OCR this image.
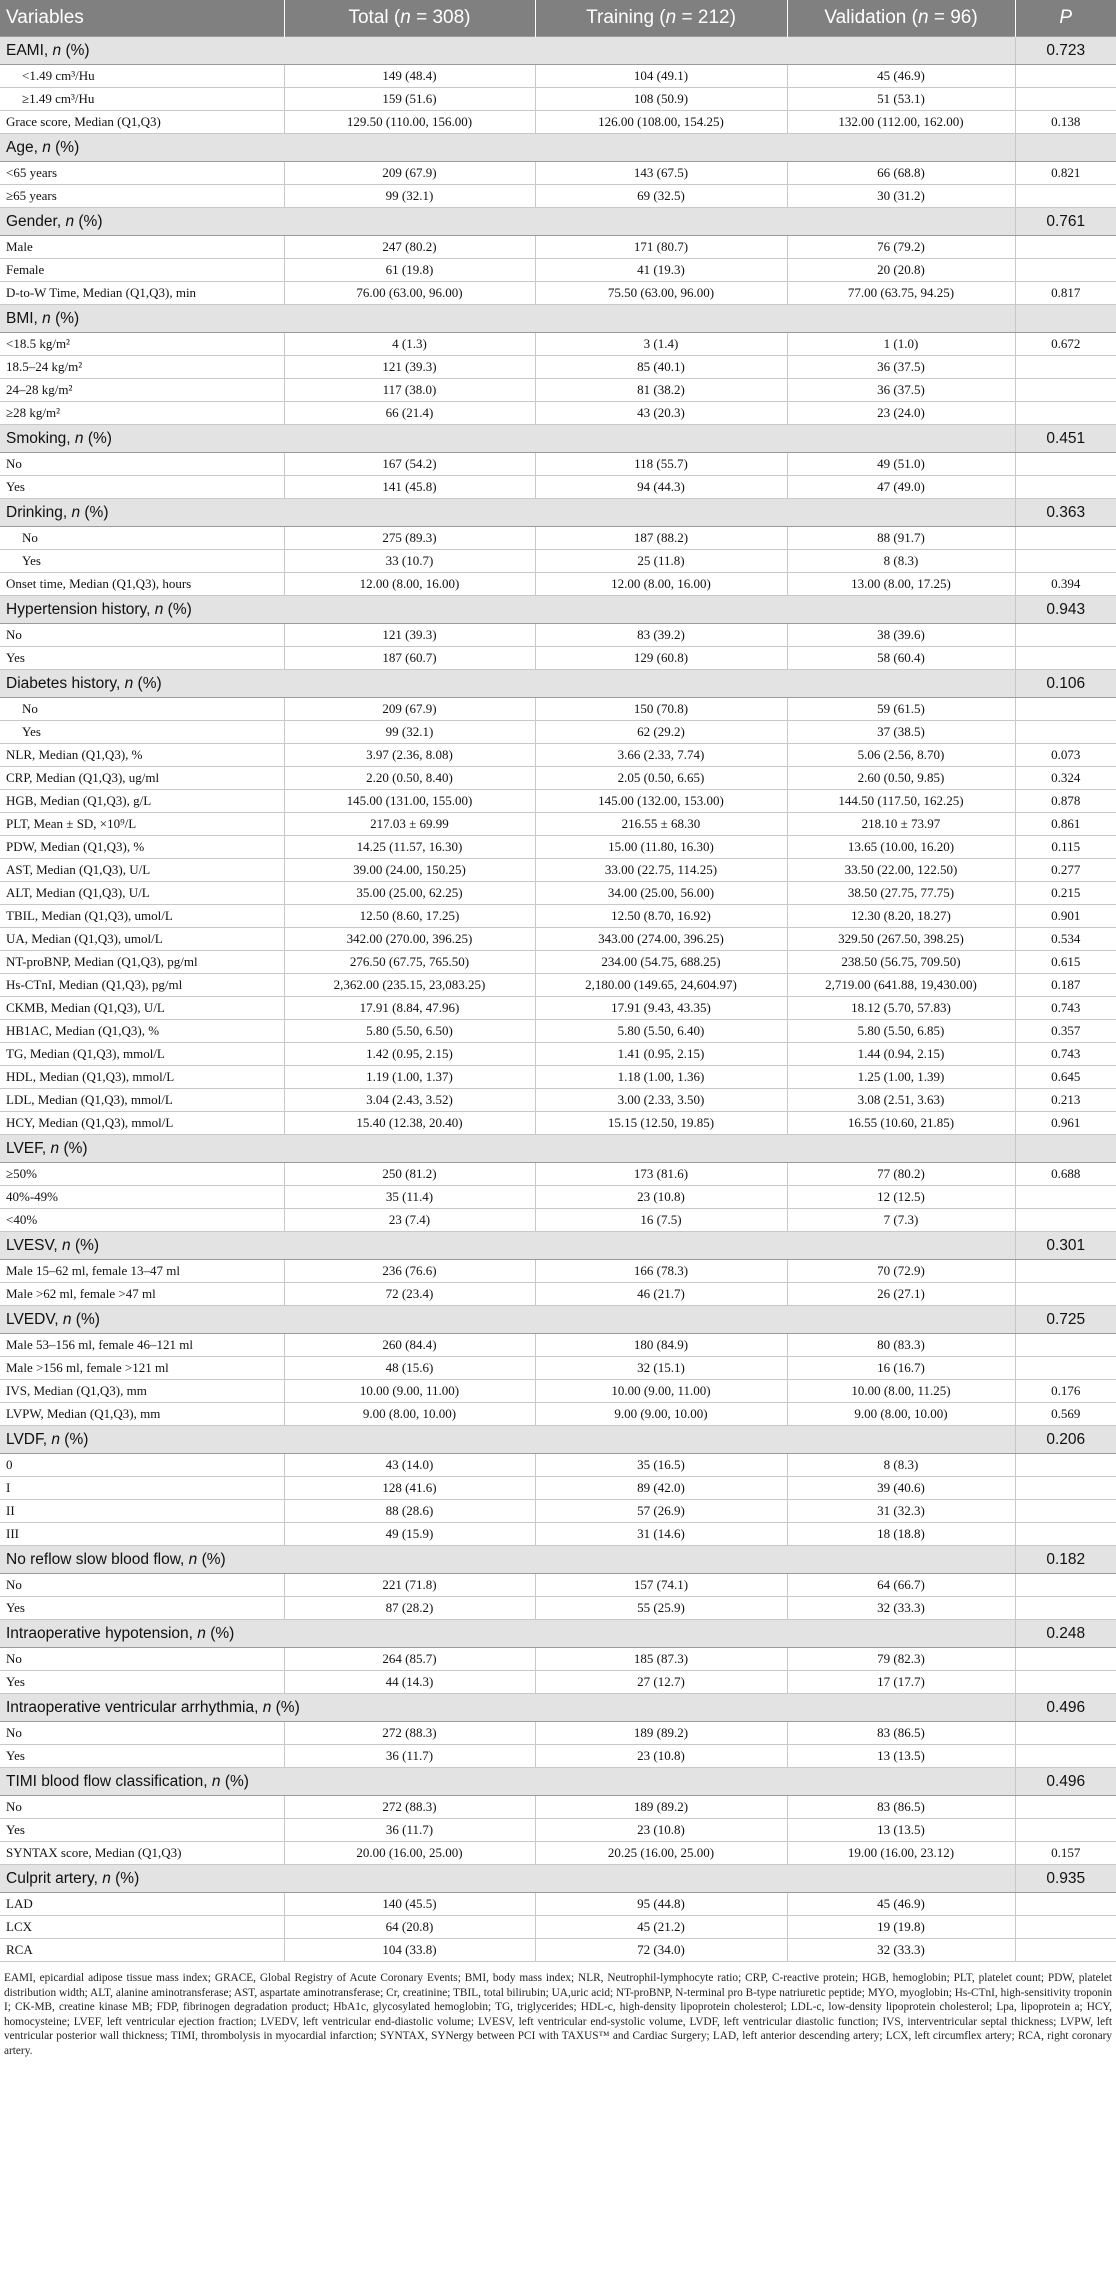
Variables	Total (n = 308)	Training (n = 212)	Validation (n = 96)	P
EAMI, n (%)				0.723
<1.49 cm³/Hu	149 (48.4)	104 (49.1)	45 (46.9)	
≥1.49 cm³/Hu	159 (51.6)	108 (50.9)	51 (53.1)	
Grace score, Median (Q1,Q3)	129.50 (110.00, 156.00)	126.00 (108.00, 154.25)	132.00 (112.00, 162.00)	0.138
Age, n (%)				
<65 years	209 (67.9)	143 (67.5)	66 (68.8)	0.821
≥65 years	99 (32.1)	69 (32.5)	30 (31.2)	
Gender, n (%)				0.761
Male	247 (80.2)	171 (80.7)	76 (79.2)	
Female	61 (19.8)	41 (19.3)	20 (20.8)	
D-to-W Time, Median (Q1,Q3), min	76.00 (63.00, 96.00)	75.50 (63.00, 96.00)	77.00 (63.75, 94.25)	0.817
BMI, n (%)				
<18.5 kg/m²	4 (1.3)	3 (1.4)	1 (1.0)	0.672
18.5–24 kg/m²	121 (39.3)	85 (40.1)	36 (37.5)	
24–28 kg/m²	117 (38.0)	81 (38.2)	36 (37.5)	
≥28 kg/m²	66 (21.4)	43 (20.3)	23 (24.0)	
Smoking, n (%)				0.451
No	167 (54.2)	118 (55.7)	49 (51.0)	
Yes	141 (45.8)	94 (44.3)	47 (49.0)	
Drinking, n (%)				0.363
No	275 (89.3)	187 (88.2)	88 (91.7)	
Yes	33 (10.7)	25 (11.8)	8 (8.3)	
Onset time, Median (Q1,Q3), hours	12.00 (8.00, 16.00)	12.00 (8.00, 16.00)	13.00 (8.00, 17.25)	0.394
Hypertension history, n (%)				0.943
No	121 (39.3)	83 (39.2)	38 (39.6)	
Yes	187 (60.7)	129 (60.8)	58 (60.4)	
Diabetes history, n (%)				0.106
No	209 (67.9)	150 (70.8)	59 (61.5)	
Yes	99 (32.1)	62 (29.2)	37 (38.5)	
NLR, Median (Q1,Q3), %	3.97 (2.36, 8.08)	3.66 (2.33, 7.74)	5.06 (2.56, 8.70)	0.073
CRP, Median (Q1,Q3), ug/ml	2.20 (0.50, 8.40)	2.05 (0.50, 6.65)	2.60 (0.50, 9.85)	0.324
HGB, Median (Q1,Q3), g/L	145.00 (131.00, 155.00)	145.00 (132.00, 153.00)	144.50 (117.50, 162.25)	0.878
PLT, Mean ± SD, ×10⁹/L	217.03 ± 69.99	216.55 ± 68.30	218.10 ± 73.97	0.861
PDW, Median (Q1,Q3), %	14.25 (11.57, 16.30)	15.00 (11.80, 16.30)	13.65 (10.00, 16.20)	0.115
AST, Median (Q1,Q3), U/L	39.00 (24.00, 150.25)	33.00 (22.75, 114.25)	33.50 (22.00, 122.50)	0.277
ALT, Median (Q1,Q3), U/L	35.00 (25.00, 62.25)	34.00 (25.00, 56.00)	38.50 (27.75, 77.75)	0.215
TBIL, Median (Q1,Q3), umol/L	12.50 (8.60, 17.25)	12.50 (8.70, 16.92)	12.30 (8.20, 18.27)	0.901
UA, Median (Q1,Q3), umol/L	342.00 (270.00, 396.25)	343.00 (274.00, 396.25)	329.50 (267.50, 398.25)	0.534
NT-proBNP, Median (Q1,Q3), pg/ml	276.50 (67.75, 765.50)	234.00 (54.75, 688.25)	238.50 (56.75, 709.50)	0.615
Hs-CTnI, Median (Q1,Q3), pg/ml	2,362.00 (235.15, 23,083.25)	2,180.00 (149.65, 24,604.97)	2,719.00 (641.88, 19,430.00)	0.187
CKMB, Median (Q1,Q3), U/L	17.91 (8.84, 47.96)	17.91 (9.43, 43.35)	18.12 (5.70, 57.83)	0.743
HB1AC, Median (Q1,Q3), %	5.80 (5.50, 6.50)	5.80 (5.50, 6.40)	5.80 (5.50, 6.85)	0.357
TG, Median (Q1,Q3), mmol/L	1.42 (0.95, 2.15)	1.41 (0.95, 2.15)	1.44 (0.94, 2.15)	0.743
HDL, Median (Q1,Q3), mmol/L	1.19 (1.00, 1.37)	1.18 (1.00, 1.36)	1.25 (1.00, 1.39)	0.645
LDL, Median (Q1,Q3), mmol/L	3.04 (2.43, 3.52)	3.00 (2.33, 3.50)	3.08 (2.51, 3.63)	0.213
HCY, Median (Q1,Q3), mmol/L	15.40 (12.38, 20.40)	15.15 (12.50, 19.85)	16.55 (10.60, 21.85)	0.961
LVEF, n (%)				
≥50%	250 (81.2)	173 (81.6)	77 (80.2)	0.688
40%-49%	35 (11.4)	23 (10.8)	12 (12.5)	
<40%	23 (7.4)	16 (7.5)	7 (7.3)	
LVESV, n (%)				0.301
Male 15–62 ml, female 13–47 ml	236 (76.6)	166 (78.3)	70 (72.9)	
Male >62 ml, female >47 ml	72 (23.4)	46 (21.7)	26 (27.1)	
LVEDV, n (%)				0.725
Male 53–156 ml, female 46–121 ml	260 (84.4)	180 (84.9)	80 (83.3)	
Male >156 ml, female >121 ml	48 (15.6)	32 (15.1)	16 (16.7)	
IVS, Median (Q1,Q3), mm	10.00 (9.00, 11.00)	10.00 (9.00, 11.00)	10.00 (8.00, 11.25)	0.176
LVPW, Median (Q1,Q3), mm	9.00 (8.00, 10.00)	9.00 (9.00, 10.00)	9.00 (8.00, 10.00)	0.569
LVDF, n (%)				0.206
0	43 (14.0)	35 (16.5)	8 (8.3)	
I	128 (41.6)	89 (42.0)	39 (40.6)	
II	88 (28.6)	57 (26.9)	31 (32.3)	
III	49 (15.9)	31 (14.6)	18 (18.8)	
No reflow slow blood flow, n (%)				0.182
No	221 (71.8)	157 (74.1)	64 (66.7)	
Yes	87 (28.2)	55 (25.9)	32 (33.3)	
Intraoperative hypotension, n (%)				0.248
No	264 (85.7)	185 (87.3)	79 (82.3)	
Yes	44 (14.3)	27 (12.7)	17 (17.7)	
Intraoperative ventricular arrhythmia, n (%)				0.496
No	272 (88.3)	189 (89.2)	83 (86.5)	
Yes	36 (11.7)	23 (10.8)	13 (13.5)	
TIMI blood flow classification, n (%)				0.496
No	272 (88.3)	189 (89.2)	83 (86.5)	
Yes	36 (11.7)	23 (10.8)	13 (13.5)	
SYNTAX score, Median (Q1,Q3)	20.00 (16.00, 25.00)	20.25 (16.00, 25.00)	19.00 (16.00, 23.12)	0.157
Culprit artery, n (%)				0.935
LAD	140 (45.5)	95 (44.8)	45 (46.9)	
LCX	64 (20.8)	45 (21.2)	19 (19.8)	
RCA	104 (33.8)	72 (34.0)	32 (33.3)	
EAMI, epicardial adipose tissue mass index; GRACE, Global Registry of Acute Coronary Events; BMI, body mass index; NLR, Neutrophil-lymphocyte ratio; CRP, C-reactive protein; HGB, hemoglobin; PLT, platelet count; PDW, platelet distribution width; ALT, alanine aminotransferase; AST, aspartate aminotransferase; Cr, creatinine; TBIL, total bilirubin; UA,uric acid; NT-proBNP, N-terminal pro B-type natriuretic peptide; MYO, myoglobin; Hs-CTnI, high-sensitivity troponin I; CK-MB, creatine kinase MB; FDP, fibrinogen degradation product; HbA1c, glycosylated hemoglobin; TG, triglycerides; HDL-c, high-density lipoprotein cholesterol; LDL-c, low-density lipoprotein cholesterol; Lpa, lipoprotein a; HCY, homocysteine; LVEF, left ventricular ejection fraction; LVEDV, left ventricular end-diastolic volume; LVESV, left ventricular end-systolic volume, LVDF, left ventricular diastolic function; IVS, interventricular septal thickness; LVPW, left ventricular posterior wall thickness; TIMI, thrombolysis in myocardial infarction; SYNTAX, SYNergy between PCI with TAXUS™ and Cardiac Surgery; LAD, left anterior descending artery; LCX, left circumflex artery; RCA, right coronary artery.
